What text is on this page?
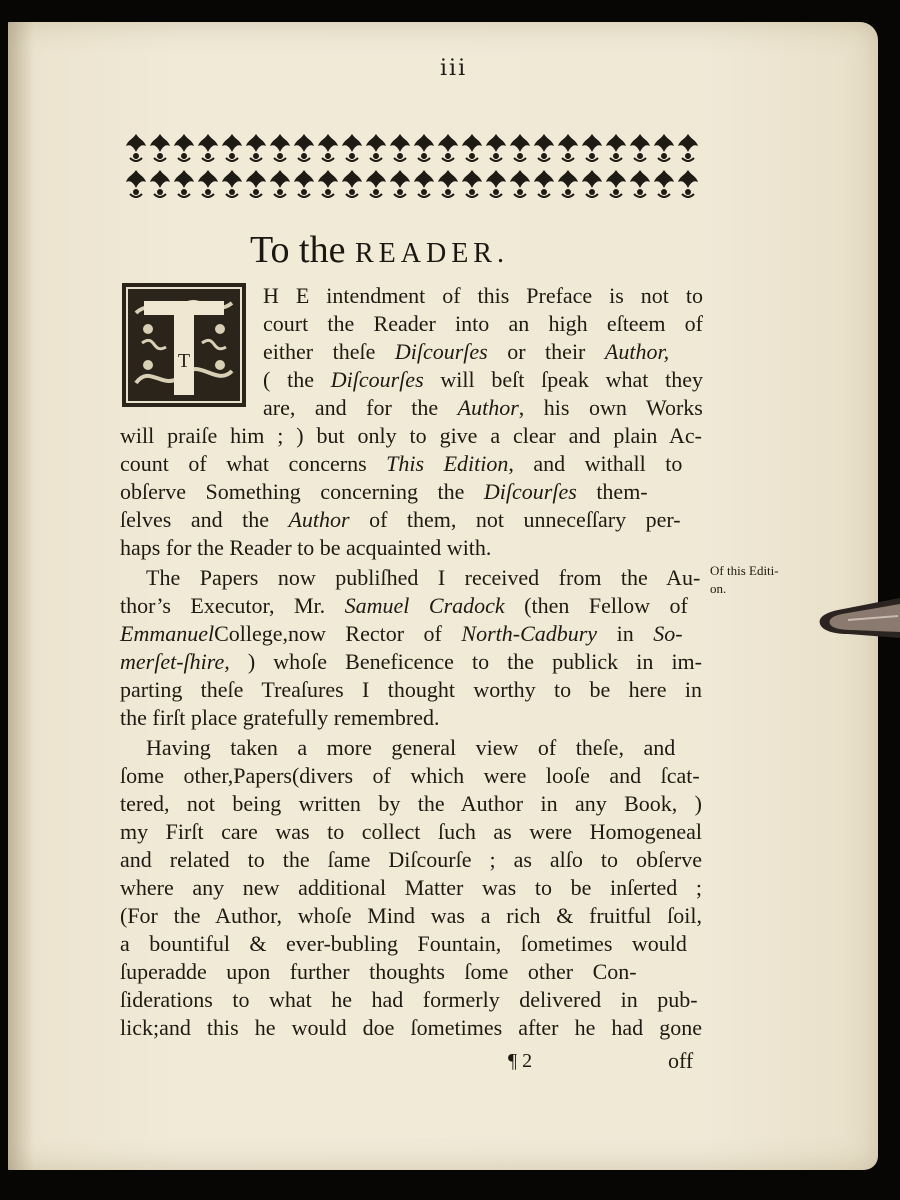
iii
To the READER.
T
H E intendment of this Preface is not to
court the Reader into an high eſteem of
either theſe Diſcourſes or their Author,
( the Diſcourſes will beſt ſpeak what they
are, and for the Author, his own Works
will praiſe him ; ) but only to give a clear and plain Ac-
count of what concerns This Edition, and withall to
obſerve Something concerning the Diſcourſes them-
ſelves and the Author of them, not unneceſſary per-
haps for the Reader to be acquainted with.
The Papers now publiſhed I received from the Au-
thor’s Executor, Mr. Samuel Cradock (then Fellow of
EmmanuelCollege,now Rector of North-Cadbury in So-
merſet-ſhire, ) whoſe Beneficence to the publick in im-
parting theſe Treaſures I thought worthy to be here in
the firſt place gratefully remembred.
Having taken a more general view of theſe, and
ſome other,Papers(divers of which were looſe and ſcat-
tered, not being written by the Author in any Book, )
my Firſt care was to collect ſuch as were Homogeneal
and related to the ſame Diſcourſe ; as alſo to obſerve
where any new additional Matter was to be inſerted ;
(For the Author, whoſe Mind was a rich & fruitful ſoil,
a bountiful & ever-bubling Fountain, ſometimes would
ſuperadde upon further thoughts ſome other Con-
ſiderations to what he had formerly delivered in pub-
lick;and this he would doe ſometimes after he had gone
Of this Editi-
on.
¶ 2	off
